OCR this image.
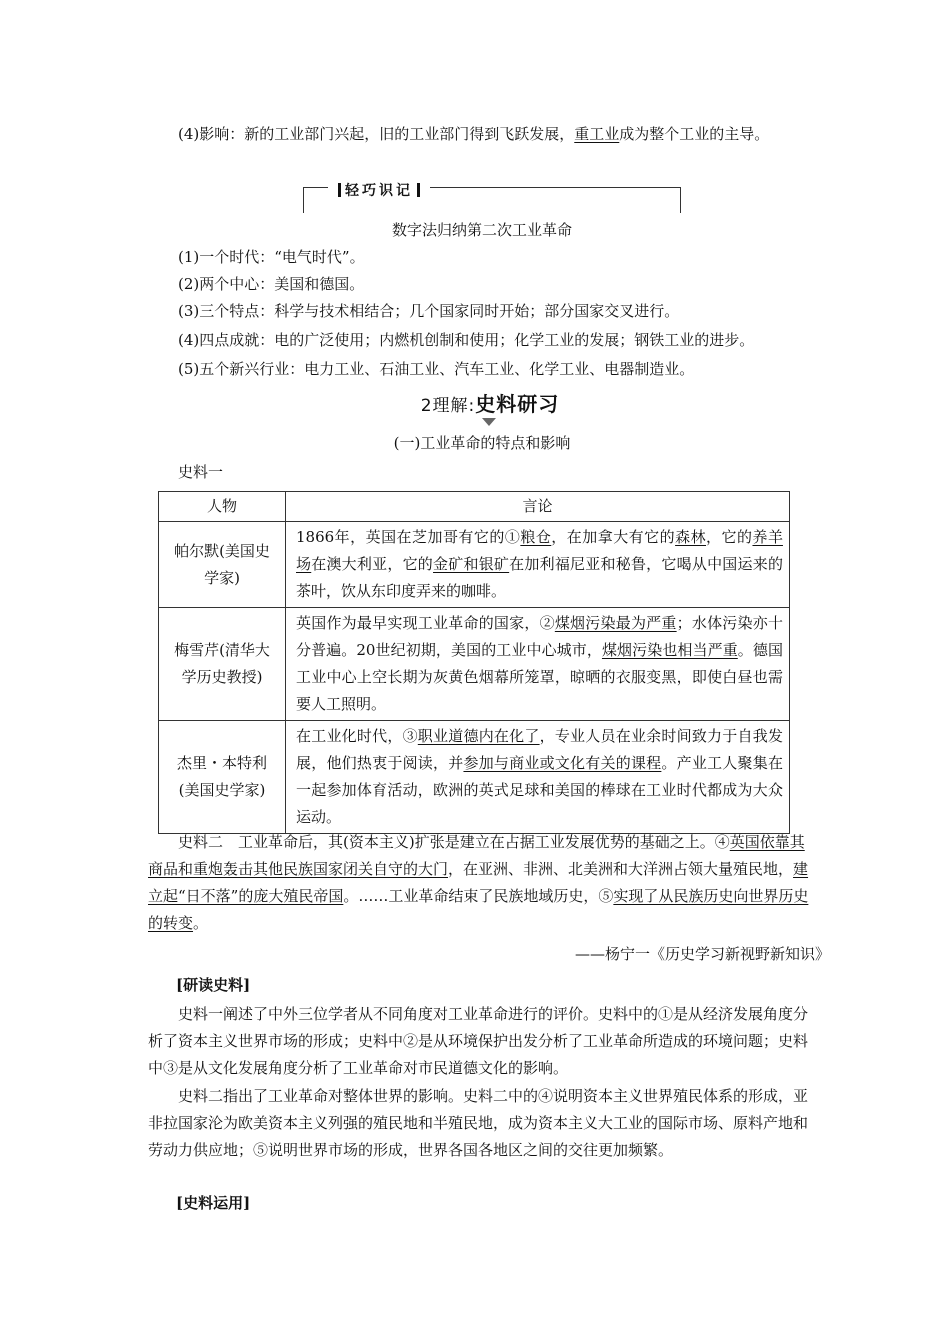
(4)影响：新的工业部门兴起，旧的工业部门得到飞跃发展，重工业成为整个工业的主导。

轻巧识记

数字法归纳第二次工业革命

(1)一个时代：“电气时代”。

(2)两个中心：美国和德国。

(3)三个特点：科学与技术相结合；几个国家同时开始；部分国家交叉进行。

(4)四点成就：电的广泛使用；内燃机创制和使用；化学工业的发展；钢铁工业的进步。

(5)五个新兴行业：电力工业、石油工业、汽车工业、化学工业、电器制造业。

2理解:史料研习

(一)工业革命的特点和影响

史料一

人物	言论
帕尔默(美国史学家)	1866年，英国在芝加哥有它的①粮仓，在加拿大有它的森林，它的养羊场在澳大利亚，它的金矿和银矿在加利福尼亚和秘鲁，它喝从中国运来的茶叶，饮从东印度弄来的咖啡。
梅雪芹(清华大学历史教授)	英国作为最早实现工业革命的国家，②煤烟污染最为严重；水体污染亦十分普遍。20世纪初期，美国的工业中心城市，煤烟污染也相当严重。德国工业中心上空长期为灰黄色烟幕所笼罩，晾晒的衣服变黑，即使白昼也需要人工照明。
杰里・本特利(美国史学家)	在工业化时代，③职业道德内在化了，专业人员在业余时间致力于自我发展，他们热衷于阅读，并参加与商业或文化有关的课程。产业工人聚集在一起参加体育活动，欧洲的英式足球和美国的棒球在工业时代都成为大众运动。

史料二　工业革命后，其(资本主义)扩张是建立在占据工业发展优势的基础之上。④英国依靠其商品和重炮轰击其他民族国家闭关自守的大门，在亚洲、非洲、北美洲和大洋洲占领大量殖民地，建立起“日不落”的庞大殖民帝国。……工业革命结束了民族地域历史，⑤实现了从民族历史向世界历史的转变。

——杨宁一《历史学习新视野新知识》
[研读史料]

史料一阐述了中外三位学者从不同角度对工业革命进行的评价。史料中的①是从经济发展角度分析了资本主义世界市场的形成；史料中②是从环境保护出发分析了工业革命所造成的环境问题；史料中③是从文化发展角度分析了工业革命对市民道德文化的影响。

史料二指出了工业革命对整体世界的影响。史料二中的④说明资本主义世界殖民体系的形成，亚非拉国家沦为欧美资本主义列强的殖民地和半殖民地，成为资本主义大工业的国际市场、原料产地和劳动力供应地；⑤说明世界市场的形成，世界各国各地区之间的交往更加频繁。

[史料运用]
